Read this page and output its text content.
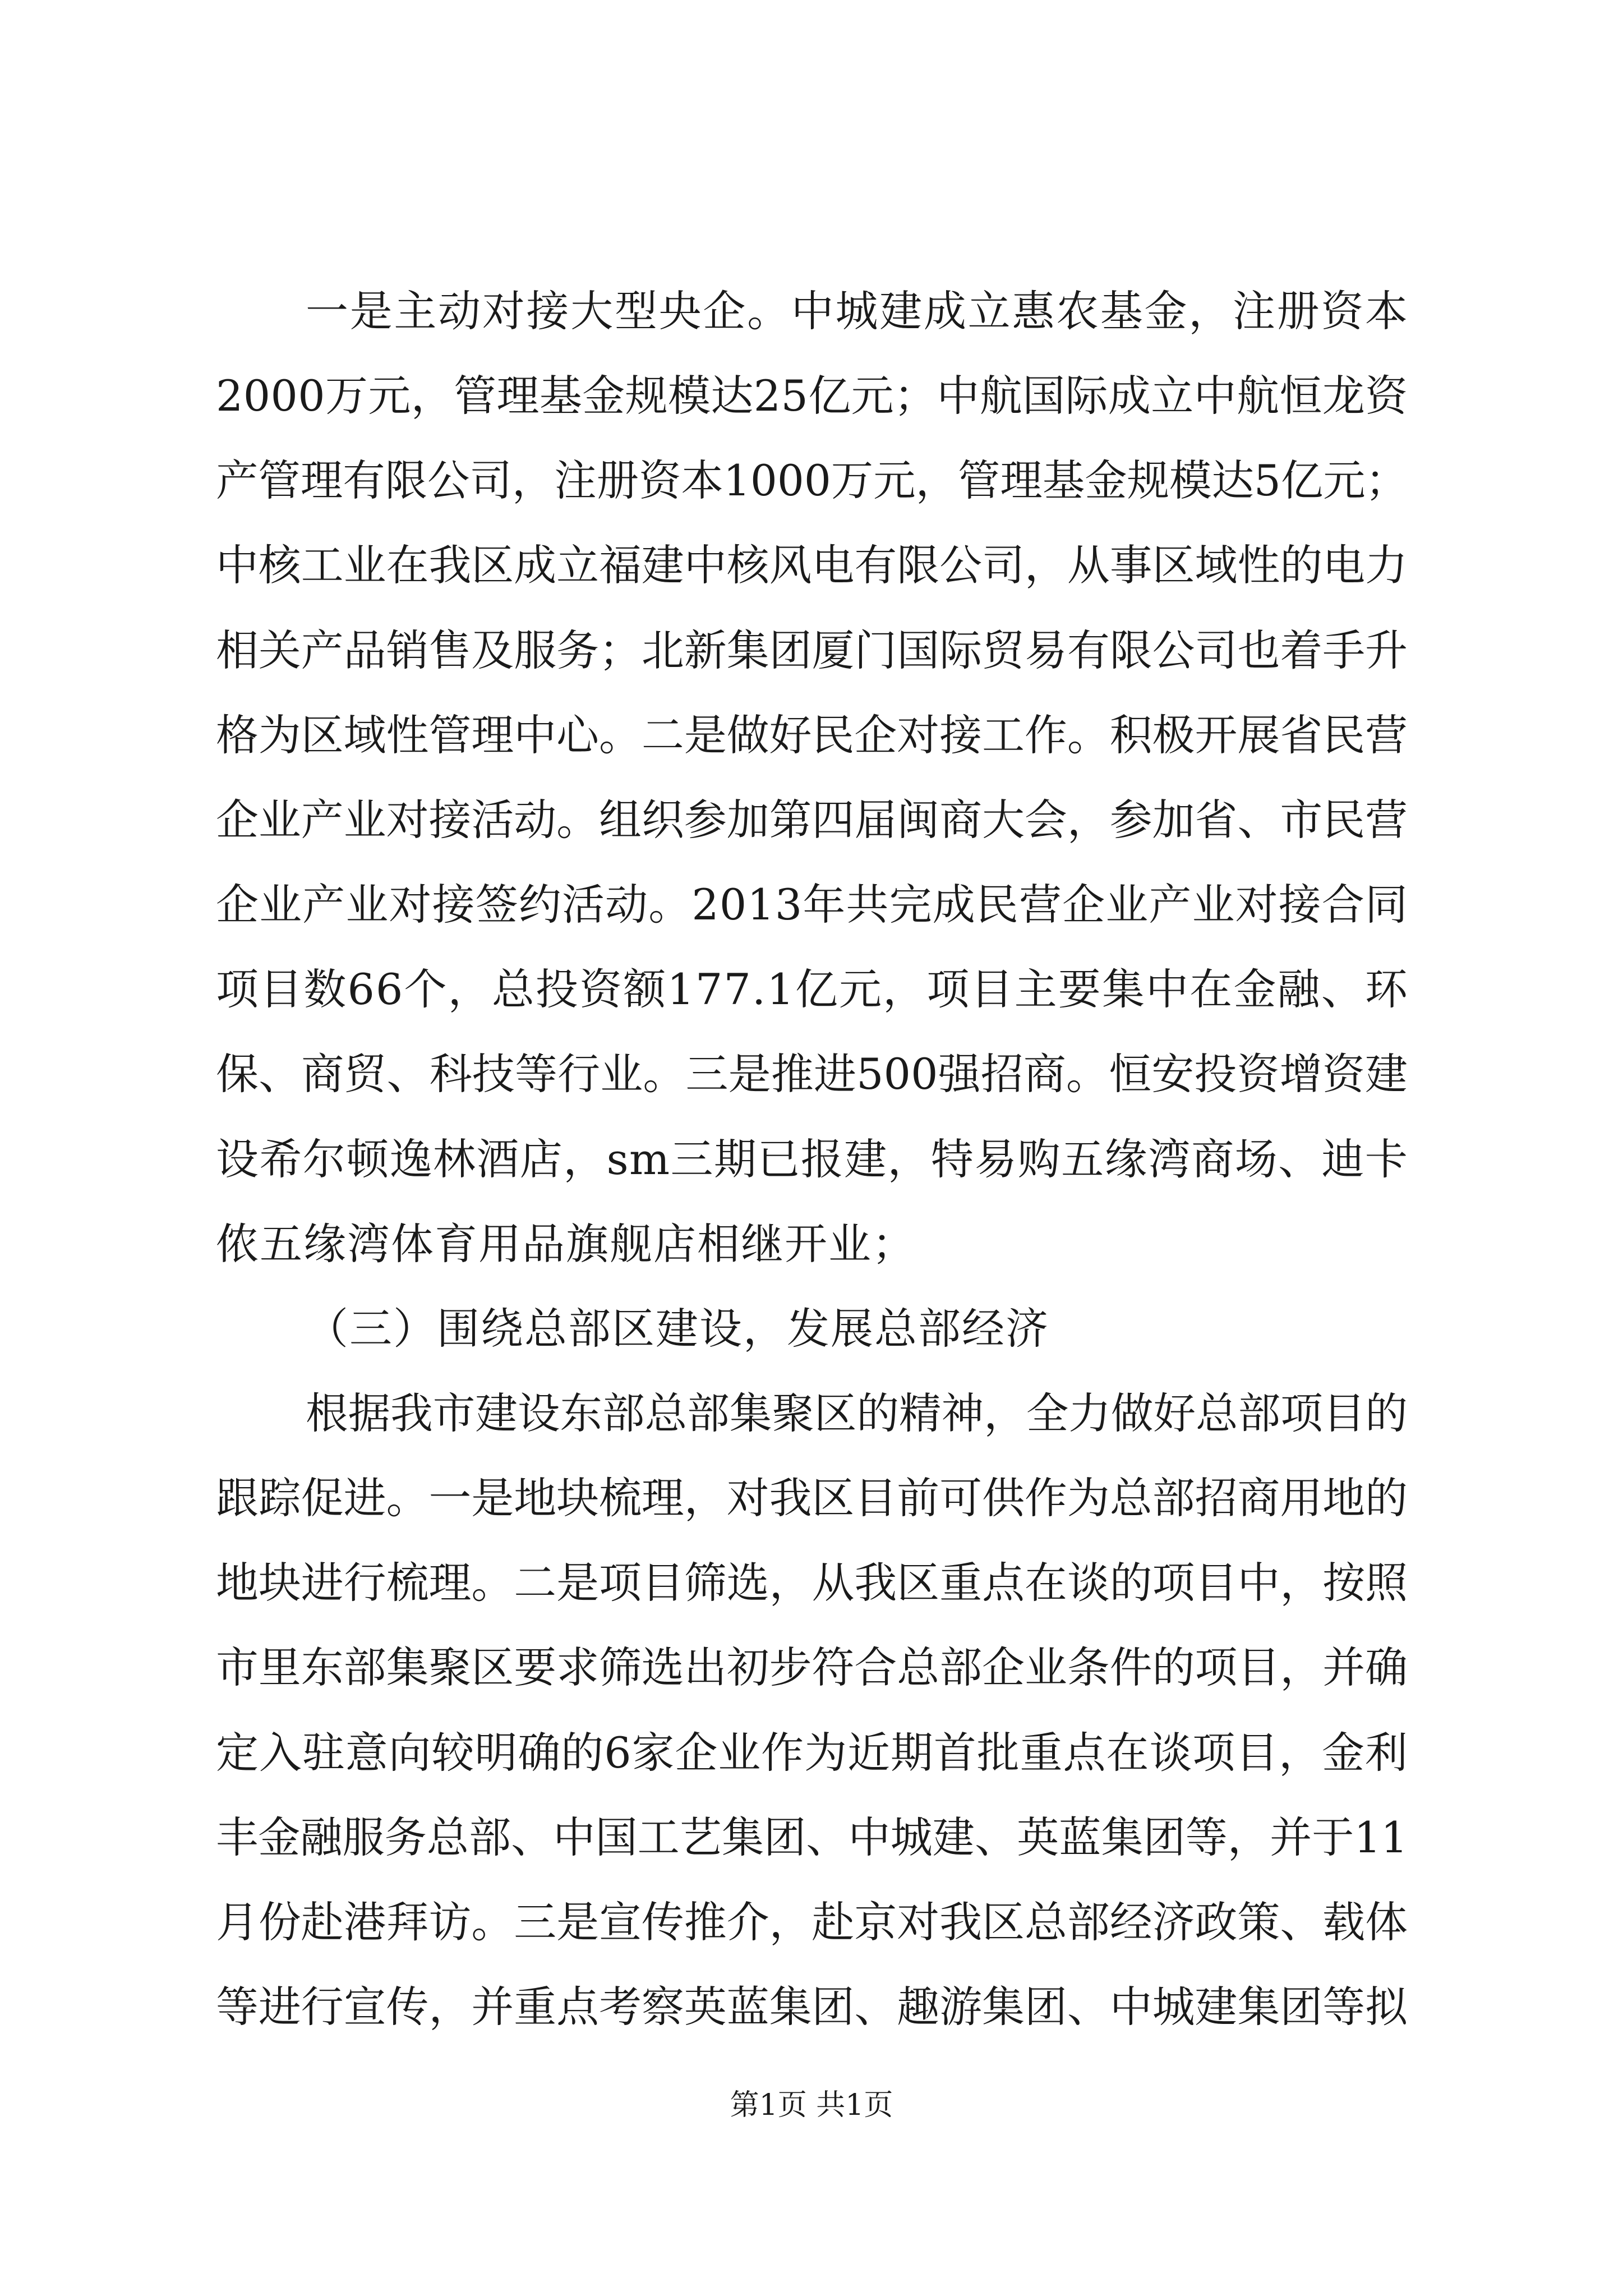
一是主动对接大型央企。中城建成立惠农基金，注册资本
2000万元，管理基金规模达25亿元；中航国际成立中航恒龙资
产管理有限公司，注册资本1000万元，管理基金规模达5亿元；
中核工业在我区成立福建中核风电有限公司，从事区域性的电力
相关产品销售及服务；北新集团厦门国际贸易有限公司也着手升
格为区域性管理中心。二是做好民企对接工作。积极开展省民营
企业产业对接活动。组织参加第四届闽商大会，参加省、市民营
企业产业对接签约活动。2013年共完成民营企业产业对接合同
项目数66个，总投资额177.1亿元，项目主要集中在金融、环
保、商贸、科技等行业。三是推进500强招商。恒安投资增资建
设希尔顿逸林酒店，sm三期已报建，特易购五缘湾商场、迪卡
侬五缘湾体育用品旗舰店相继开业；
（三）围绕总部区建设，发展总部经济
根据我市建设东部总部集聚区的精神，全力做好总部项目的
跟踪促进。一是地块梳理，对我区目前可供作为总部招商用地的
地块进行梳理。二是项目筛选，从我区重点在谈的项目中，按照
市里东部集聚区要求筛选出初步符合总部企业条件的项目，并确
定入驻意向较明确的6家企业作为近期首批重点在谈项目，金利
丰金融服务总部、中国工艺集团、中城建、英蓝集团等，并于11
月份赴港拜访。三是宣传推介，赴京对我区总部经济政策、载体
等进行宣传，并重点考察英蓝集团、趣游集团、中城建集团等拟
第1页 共1页
